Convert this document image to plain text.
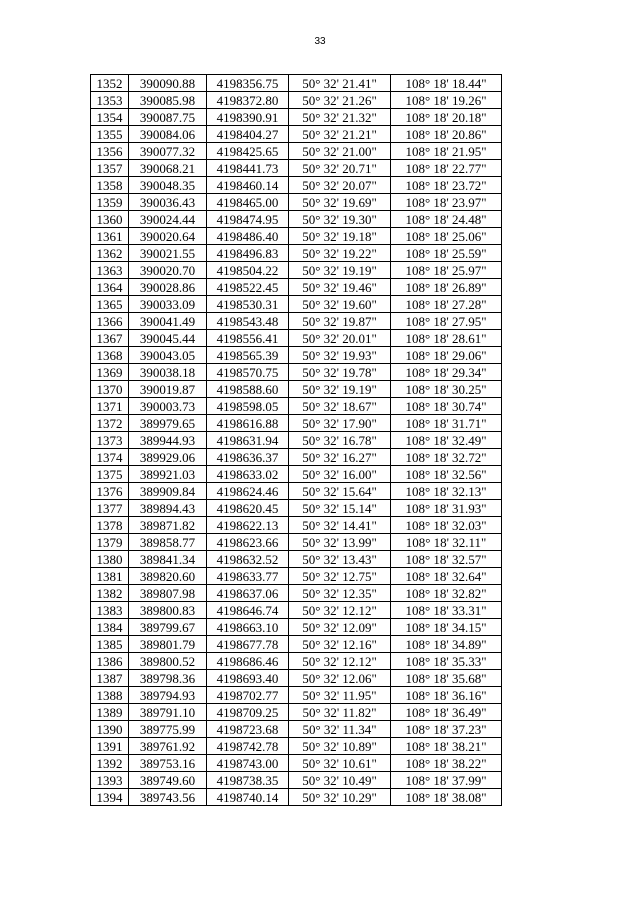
33
1352	390090.88	4198356.75	50° 32' 21.41"	108° 18' 18.44"
1353	390085.98	4198372.80	50° 32' 21.26"	108° 18' 19.26"
1354	390087.75	4198390.91	50° 32' 21.32"	108° 18' 20.18"
1355	390084.06	4198404.27	50° 32' 21.21"	108° 18' 20.86"
1356	390077.32	4198425.65	50° 32' 21.00"	108° 18' 21.95"
1357	390068.21	4198441.73	50° 32' 20.71"	108° 18' 22.77"
1358	390048.35	4198460.14	50° 32' 20.07"	108° 18' 23.72"
1359	390036.43	4198465.00	50° 32' 19.69"	108° 18' 23.97"
1360	390024.44	4198474.95	50° 32' 19.30"	108° 18' 24.48"
1361	390020.64	4198486.40	50° 32' 19.18"	108° 18' 25.06"
1362	390021.55	4198496.83	50° 32' 19.22"	108° 18' 25.59"
1363	390020.70	4198504.22	50° 32' 19.19"	108° 18' 25.97"
1364	390028.86	4198522.45	50° 32' 19.46"	108° 18' 26.89"
1365	390033.09	4198530.31	50° 32' 19.60"	108° 18' 27.28"
1366	390041.49	4198543.48	50° 32' 19.87"	108° 18' 27.95"
1367	390045.44	4198556.41	50° 32' 20.01"	108° 18' 28.61"
1368	390043.05	4198565.39	50° 32' 19.93"	108° 18' 29.06"
1369	390038.18	4198570.75	50° 32' 19.78"	108° 18' 29.34"
1370	390019.87	4198588.60	50° 32' 19.19"	108° 18' 30.25"
1371	390003.73	4198598.05	50° 32' 18.67"	108° 18' 30.74"
1372	389979.65	4198616.88	50° 32' 17.90"	108° 18' 31.71"
1373	389944.93	4198631.94	50° 32' 16.78"	108° 18' 32.49"
1374	389929.06	4198636.37	50° 32' 16.27"	108° 18' 32.72"
1375	389921.03	4198633.02	50° 32' 16.00"	108° 18' 32.56"
1376	389909.84	4198624.46	50° 32' 15.64"	108° 18' 32.13"
1377	389894.43	4198620.45	50° 32' 15.14"	108° 18' 31.93"
1378	389871.82	4198622.13	50° 32' 14.41"	108° 18' 32.03"
1379	389858.77	4198623.66	50° 32' 13.99"	108° 18' 32.11"
1380	389841.34	4198632.52	50° 32' 13.43"	108° 18' 32.57"
1381	389820.60	4198633.77	50° 32' 12.75"	108° 18' 32.64"
1382	389807.98	4198637.06	50° 32' 12.35"	108° 18' 32.82"
1383	389800.83	4198646.74	50° 32' 12.12"	108° 18' 33.31"
1384	389799.67	4198663.10	50° 32' 12.09"	108° 18' 34.15"
1385	389801.79	4198677.78	50° 32' 12.16"	108° 18' 34.89"
1386	389800.52	4198686.46	50° 32' 12.12"	108° 18' 35.33"
1387	389798.36	4198693.40	50° 32' 12.06"	108° 18' 35.68"
1388	389794.93	4198702.77	50° 32' 11.95"	108° 18' 36.16"
1389	389791.10	4198709.25	50° 32' 11.82"	108° 18' 36.49"
1390	389775.99	4198723.68	50° 32' 11.34"	108° 18' 37.23"
1391	389761.92	4198742.78	50° 32' 10.89"	108° 18' 38.21"
1392	389753.16	4198743.00	50° 32' 10.61"	108° 18' 38.22"
1393	389749.60	4198738.35	50° 32' 10.49"	108° 18' 37.99"
1394	389743.56	4198740.14	50° 32' 10.29"	108° 18' 38.08"
